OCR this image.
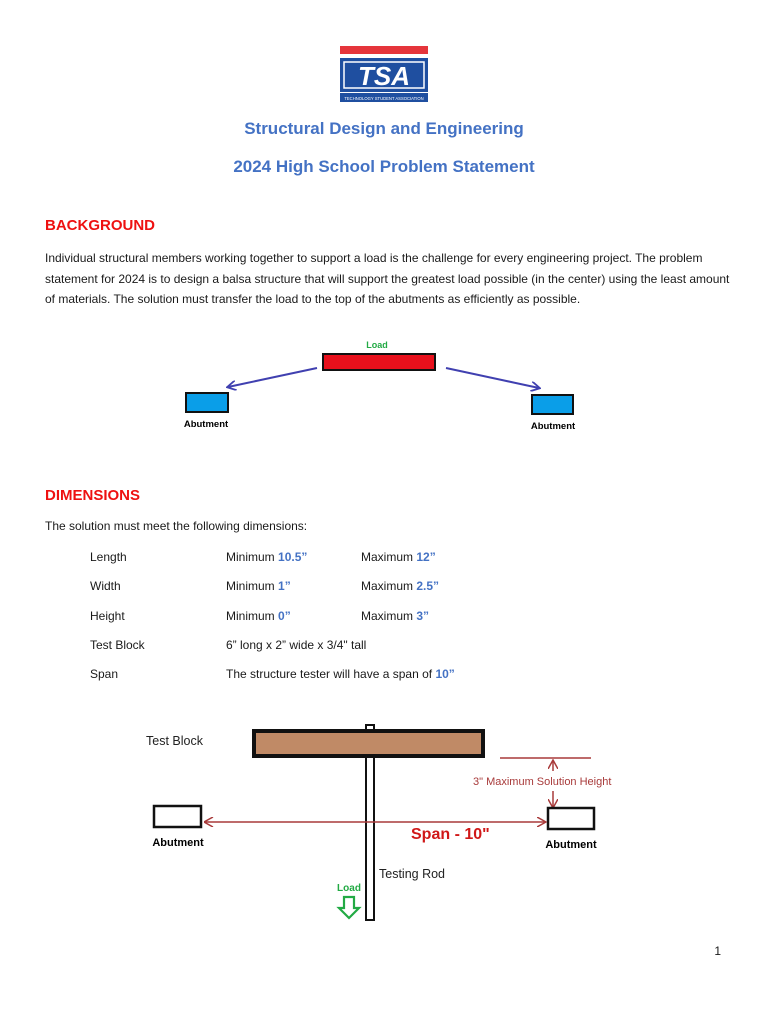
TSA
TECHNOLOGY STUDENT ASSOCIATION
Structural Design and Engineering
2024 High School Problem Statement
BACKGROUND
Individual structural members working together to support a load is the challenge for every engineering project. The problem statement for 2024 is to design a balsa structure that will support the greatest load possible (in the center) using the least amount of materials. The solution must transfer the load to the top of the abutments as efficiently as possible.
Load
Abutment	Abutment
DIMENSIONS
The solution must meet the following dimensions:
Length	Minimum 10.5”	Maximum 12”
Width	Minimum 1”	Maximum 2.5”
Height	Minimum 0”	Maximum 3”
Test Block	6” long x 2” wide x 3/4" tall
Span	The structure tester will have a span of 10”
Test Block
3" Maximum Solution Height
Abutment	Abutment
Span - 10"
Testing Rod
Load
1
